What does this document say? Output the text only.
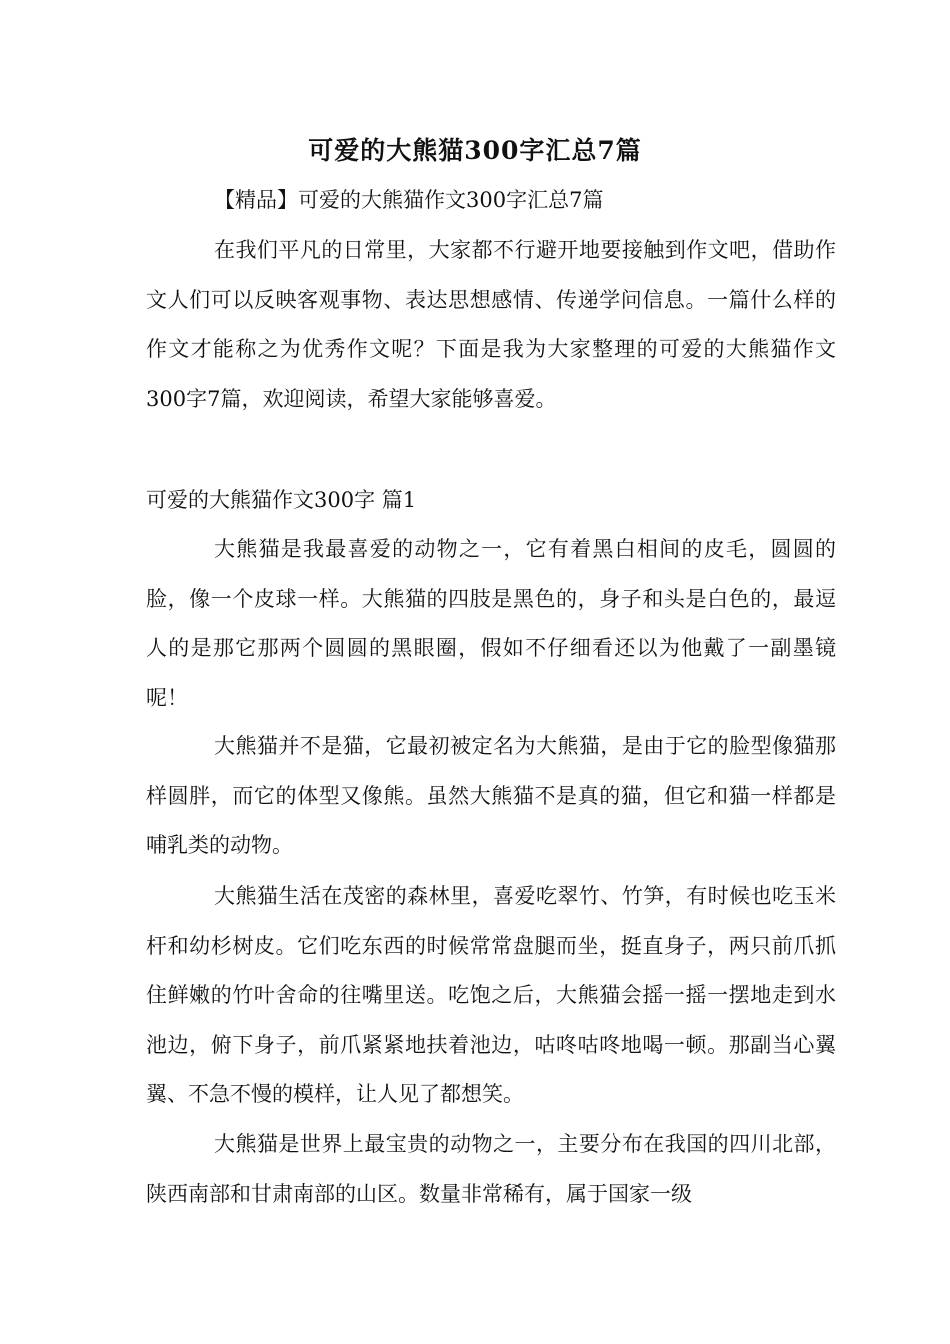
可爱的大熊猫300字汇总7篇
【精品】可爱的大熊猫作文300字汇总7篇

在我们平凡的日常里，大家都不行避开地要接触到作文吧，借助作文人们可以反映客观事物、表达思想感情、传递学问信息。一篇什么样的作文才能称之为优秀作文呢？下面是我为大家整理的可爱的大熊猫作文300字7篇，欢迎阅读，希望大家能够喜爱。

可爱的大熊猫作文300字 篇1

大熊猫是我最喜爱的动物之一，它有着黑白相间的皮毛，圆圆的脸，像一个皮球一样。大熊猫的四肢是黑色的，身子和头是白色的，最逗人的是那它那两个圆圆的黑眼圈，假如不仔细看还以为他戴了一副墨镜呢！

大熊猫并不是猫，它最初被定名为大熊猫，是由于它的脸型像猫那样圆胖，而它的体型又像熊。虽然大熊猫不是真的猫，但它和猫一样都是哺乳类的动物。

大熊猫生活在茂密的森林里，喜爱吃翠竹、竹笋，有时候也吃玉米杆和幼杉树皮。它们吃东西的时候常常盘腿而坐，挺直身子，两只前爪抓住鲜嫩的竹叶舍命的往嘴里送。吃饱之后，大熊猫会摇一摇一摆地走到水池边，俯下身子，前爪紧紧地扶着池边，咕咚咕咚地喝一顿。那副当心翼翼、不急不慢的模样，让人见了都想笑。

大熊猫是世界上最宝贵的动物之一，主要分布在我国的四川北部，陕西南部和甘肃南部的山区。数量非常稀有，属于国家一级
